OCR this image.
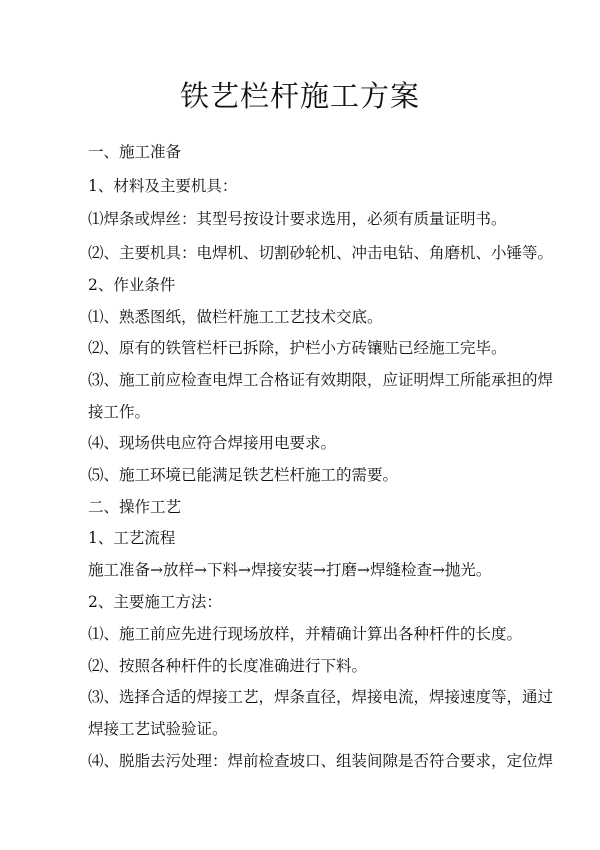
铁艺栏杆施工方案
一、施工准备
1、材料及主要机具：
⑴焊条或焊丝：其型号按设计要求选用，必须有质量证明书。
⑵、主要机具：电焊机、切割砂轮机、冲击电钻、角磨机、小锤等。
2、作业条件
⑴、熟悉图纸，做栏杆施工工艺技术交底。
⑵、原有的铁管栏杆已拆除，护栏小方砖镶贴已经施工完毕。
⑶、施工前应检查电焊工合格证有效期限，应证明焊工所能承担的焊
接工作。
⑷、现场供电应符合焊接用电要求。
⑸、施工环境已能满足铁艺栏杆施工的需要。
二、操作工艺
1、工艺流程
施工准备→放样→下料→焊接安装→打磨→焊缝检查→抛光。
2、主要施工方法：
⑴、施工前应先进行现场放样，并精确计算出各种杆件的长度。
⑵、按照各种杆件的长度准确进行下料。
⑶、选择合适的焊接工艺，焊条直径，焊接电流，焊接速度等，通过
焊接工艺试验验证。
⑷、脱脂去污处理：焊前检查坡口、组装间隙是否符合要求，定位焊
